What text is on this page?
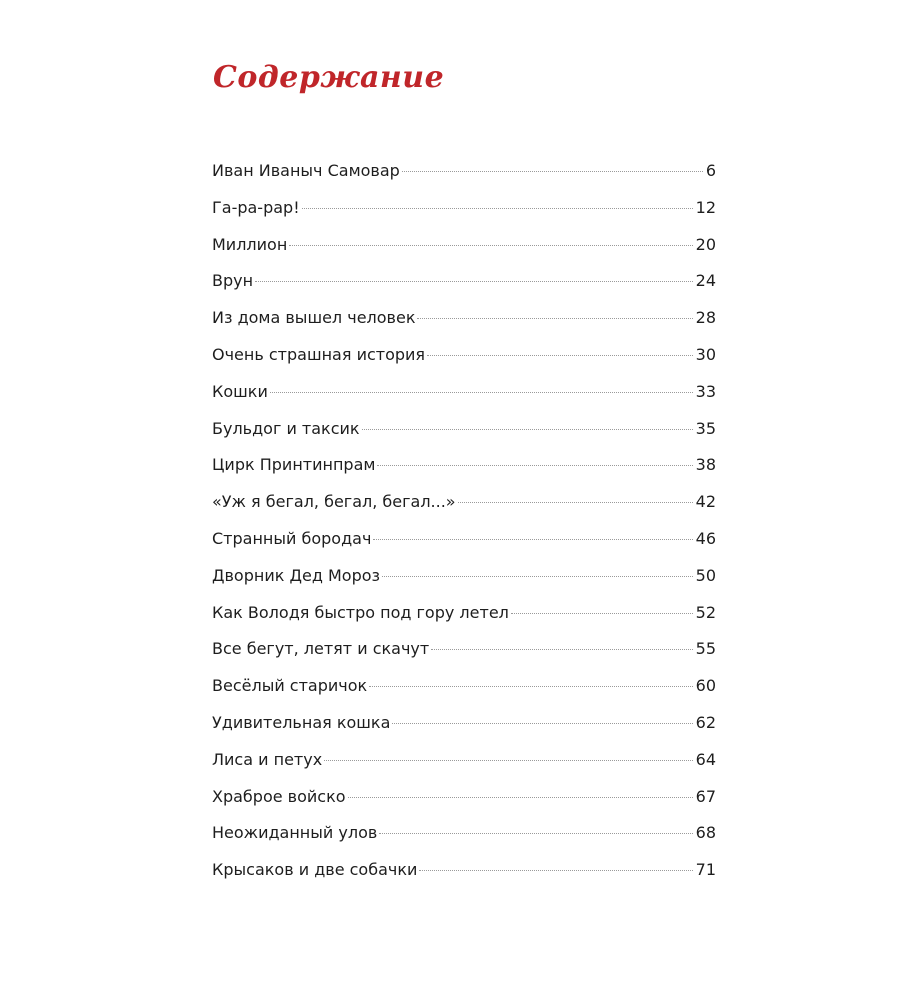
Содержание
Иван Иваныч Самовар	6
Га-ра-рар!	12
Миллион	20
Врун	24
Из дома вышел человек	28
Очень страшная история	30
Кошки	33
Бульдог и таксик	35
Цирк Принтинпрам	38
«Уж я бегал, бегал, бегал...»	42
Странный бородач	46
Дворник Дед Мороз	50
Как Володя быстро под гору летел	52
Все бегут, летят и скачут	55
Весёлый старичок	60
Удивительная кошка	62
Лиса и петух	64
Храброе войско	67
Неожиданный улов	68
Крысаков и две собачки	71
